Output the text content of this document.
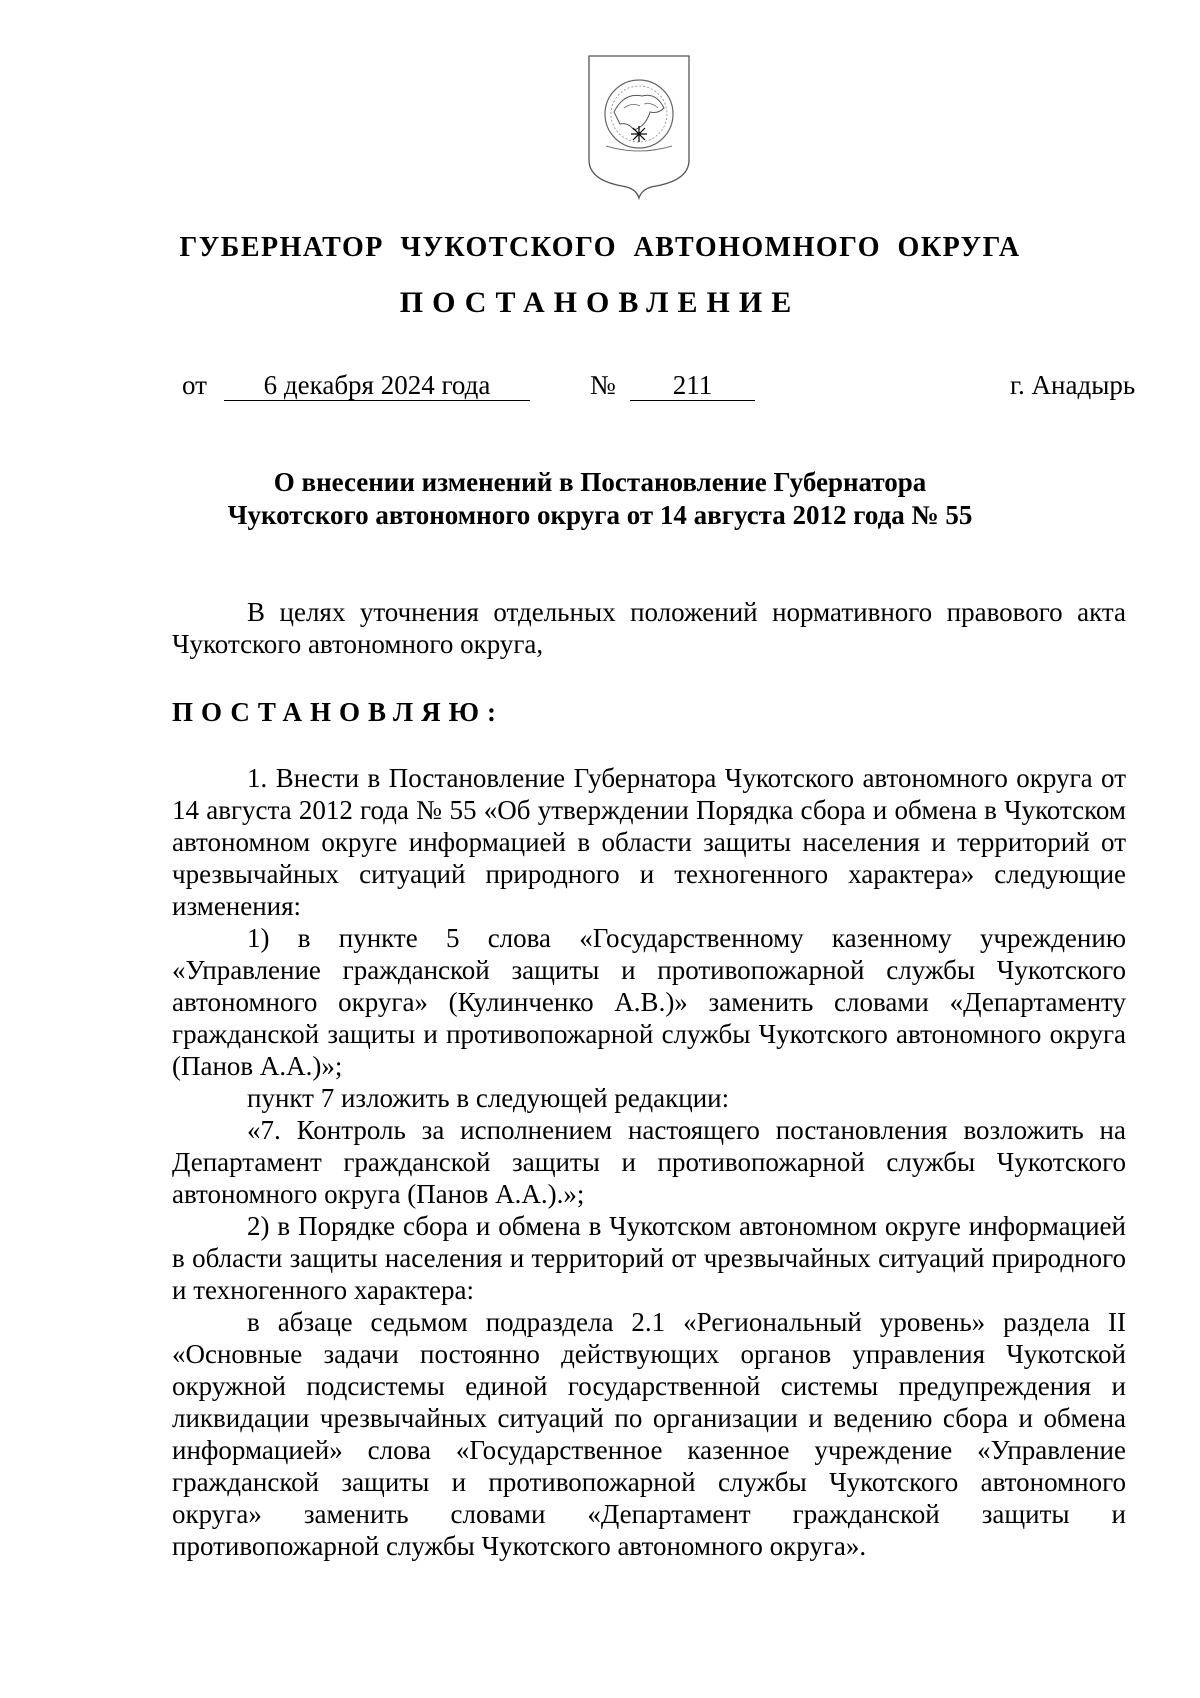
ГУБЕРНАТОР ЧУКОТСКОГО АВТОНОМНОГО ОКРУГА
ПОСТАНОВЛЕНИЕ
от	6 декабря 2024 года	№	211	г. Анадырь
О внесении изменений в Постановление Губернатора
Чукотского автономного округа от 14 августа 2012 года № 55

В целях уточнения отдельных положений нормативного правового акта Чукотского автономного округа,

ПОСТАНОВЛЯЮ:

1. Внести в Постановление Губернатора Чукотского автономного округа от 14 августа 2012 года № 55 «Об утверждении Порядка сбора и обмена в Чукотском автономном округе информацией в области защиты населения и территорий от чрезвычайных ситуаций природного и техногенного характера» следующие изменения:

1) в пункте 5 слова «Государственному казенному учреждению «Управление гражданской защиты и противопожарной службы Чукотского автономного округа» (Кулинченко А.В.)» заменить словами «Департаменту гражданской защиты и противопожарной службы Чукотского автономного округа (Панов А.А.)»;

пункт 7 изложить в следующей редакции:

«7. Контроль за исполнением настоящего постановления возложить на Департамент гражданской защиты и противопожарной службы Чукотского автономного округа (Панов А.А.).»;

2) в Порядке сбора и обмена в Чукотском автономном округе информацией в области защиты населения и территорий от чрезвычайных ситуаций природного и техногенного характера:

в абзаце седьмом подраздела 2.1 «Региональный уровень» раздела II «Основные задачи постоянно действующих органов управления Чукотской окружной подсистемы единой государственной системы предупреждения и ликвидации чрезвычайных ситуаций по организации и ведению сбора и обмена информацией» слова «Государственное казенное учреждение «Управление гражданской защиты и противопожарной службы Чукотского автономного округа» заменить словами «Департамент гражданской защиты и

противопожарной службы Чукотского автономного округа».
